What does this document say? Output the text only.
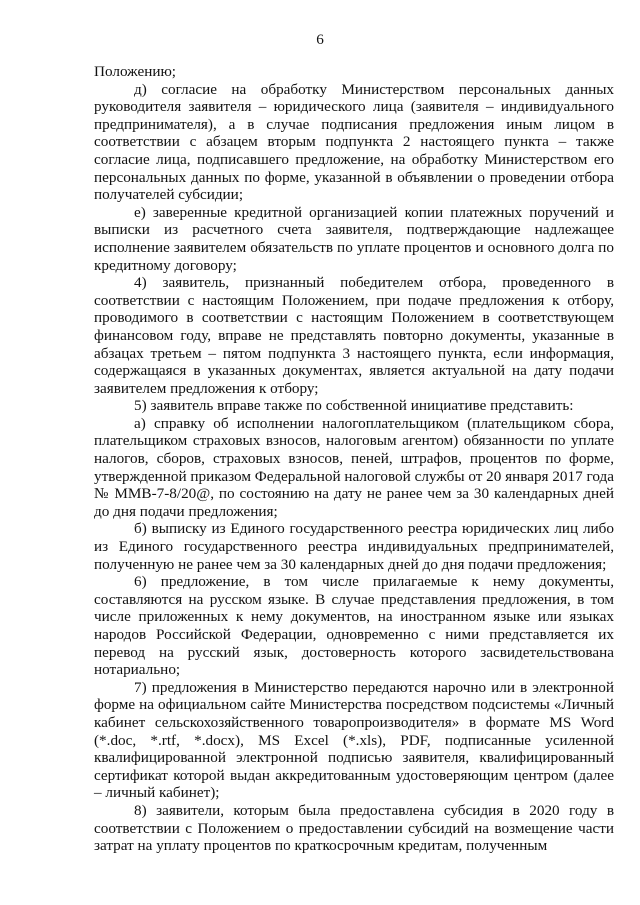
6

Положению;

д) согласие на обработку Министерством персональных данных руководителя заявителя – юридического лица (заявителя – индивидуального предпринимателя), а в случае подписания предложения иным лицом в соответствии с абзацем вторым подпункта 2 настоящего пункта – также согласие лица, подписавшего предложение, на обработку Министерством его персональных данных по форме, указанной в объявлении о проведении отбора получателей субсидии;

е) заверенные кредитной организацией копии платежных поручений и выписки из расчетного счета заявителя, подтверждающие надлежащее исполнение заявителем обязательств по уплате процентов и основного долга по кредитному договору;

4) заявитель, признанный победителем отбора, проведенного в соответствии с настоящим Положением, при подаче предложения к отбору, проводимого в соответствии с настоящим Положением в соответствующем финансовом году, вправе не представлять повторно документы, указанные в абзацах третьем – пятом подпункта 3 настоящего пункта, если информация, содержащаяся в указанных документах, является актуальной на дату подачи заявителем предложения к отбору;

5) заявитель вправе также по собственной инициативе представить:

а) справку об исполнении налогоплательщиком (плательщиком сбора, плательщиком страховых взносов, налоговым агентом) обязанности по уплате налогов, сборов, страховых взносов, пеней, штрафов, процентов по форме, утвержденной приказом Федеральной налоговой службы от 20 января 2017 года № ММВ-7-8/20@, по состоянию на дату не ранее чем за 30 календарных дней до дня подачи предложения;

б) выписку из Единого государственного реестра юридических лиц либо из Единого государственного реестра индивидуальных предпринимателей, полученную не ранее чем за 30 календарных дней до дня подачи предложения;

6) предложение, в том числе прилагаемые к нему документы, составляются на русском языке. В случае представления предложения, в том числе приложенных к нему документов, на иностранном языке или языках народов Российской Федерации, одновременно с ними представляется их перевод на русский язык, достоверность которого засвидетельствована нотариально;

7) предложения в Министерство передаются нарочно или в электронной форме на официальном сайте Министерства посредством подсистемы «Личный кабинет сельскохозяйственного товаропроизводителя» в формате MS Word (*.doc, *.rtf, *.docx), MS Excel (*.xls), PDF, подписанные усиленной квалифицированной электронной подписью заявителя, квалифицированный сертификат которой выдан аккредитованным удостоверяющим центром (далее – личный кабинет);

8) заявители, которым была предоставлена субсидия в 2020 году в соответствии с Положением о предоставлении субсидий на возмещение части затрат на уплату процентов по краткосрочным кредитам, полученным
